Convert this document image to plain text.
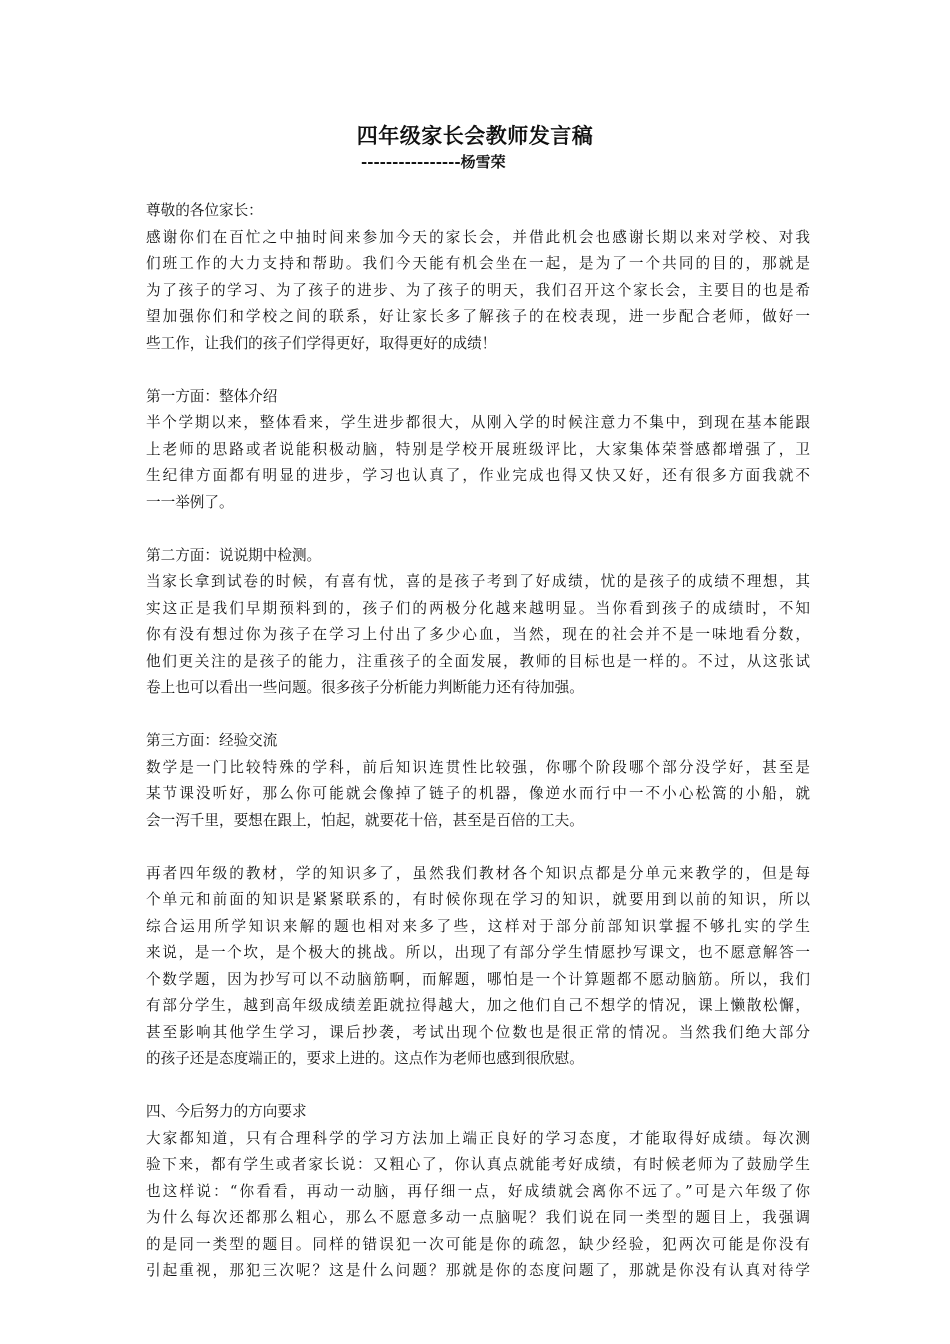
四年级家长会教师发言稿
----------------杨雪荣
尊敬的各位家长：
感谢你们在百忙之中抽时间来参加今天的家长会，并借此机会也感谢长期以来对学校、对我
们班工作的大力支持和帮助。我们今天能有机会坐在一起，是为了一个共同的目的，那就是
为了孩子的学习、为了孩子的进步、为了孩子的明天，我们召开这个家长会，主要目的也是希
望加强你们和学校之间的联系，好让家长多了解孩子的在校表现，进一步配合老师，做好一
些工作，让我们的孩子们学得更好，取得更好的成绩！
第一方面：整体介绍
半个学期以来，整体看来，学生进步都很大，从刚入学的时候注意力不集中，到现在基本能跟
上老师的思路或者说能积极动脑，特别是学校开展班级评比，大家集体荣誉感都增强了，卫
生纪律方面都有明显的进步，学习也认真了，作业完成也得又快又好，还有很多方面我就不
一一举例了。
第二方面：说说期中检测。
当家长拿到试卷的时候，有喜有忧，喜的是孩子考到了好成绩，忧的是孩子的成绩不理想，其
实这正是我们早期预料到的，孩子们的两极分化越来越明显。当你看到孩子的成绩时，不知
你有没有想过你为孩子在学习上付出了多少心血，当然，现在的社会并不是一味地看分数，
他们更关注的是孩子的能力，注重孩子的全面发展，教师的目标也是一样的。不过，从这张试
卷上也可以看出一些问题。很多孩子分析能力判断能力还有待加强。
第三方面：经验交流
数学是一门比较特殊的学科，前后知识连贯性比较强，你哪个阶段哪个部分没学好，甚至是
某节课没听好，那么你可能就会像掉了链子的机器，像逆水而行中一不小心松篙的小船，就
会一泻千里，要想在跟上，怕起，就要花十倍，甚至是百倍的工夫。
再者四年级的教材，学的知识多了，虽然我们教材各个知识点都是分单元来教学的，但是每
个单元和前面的知识是紧紧联系的，有时候你现在学习的知识，就要用到以前的知识，所以
综合运用所学知识来解的题也相对来多了些，这样对于部分前部知识掌握不够扎实的学生
来说，是一个坎，是个极大的挑战。所以，出现了有部分学生情愿抄写课文，也不愿意解答一
个数学题，因为抄写可以不动脑筋啊，而解题，哪怕是一个计算题都不愿动脑筋。所以，我们
有部分学生，越到高年级成绩差距就拉得越大，加之他们自己不想学的情况，课上懒散松懈，
甚至影响其他学生学习，课后抄袭，考试出现个位数也是很正常的情况。当然我们绝大部分
的孩子还是态度端正的，要求上进的。这点作为老师也感到很欣慰。
四、今后努力的方向要求
大家都知道，只有合理科学的学习方法加上端正良好的学习态度，才能取得好成绩。每次测
验下来，都有学生或者家长说：又粗心了，你认真点就能考好成绩，有时候老师为了鼓励学生
也这样说：“你看看，再动一动脑，再仔细一点，好成绩就会离你不远了。”可是六年级了你
为什么每次还都那么粗心，那么不愿意多动一点脑呢？我们说在同一类型的题目上，我强调
的是同一类型的题目。同样的错误犯一次可能是你的疏忽，缺少经验，犯两次可能是你没有
引起重视，那犯三次呢？这是什么问题？那就是你的态度问题了，那就是你没有认真对待学
